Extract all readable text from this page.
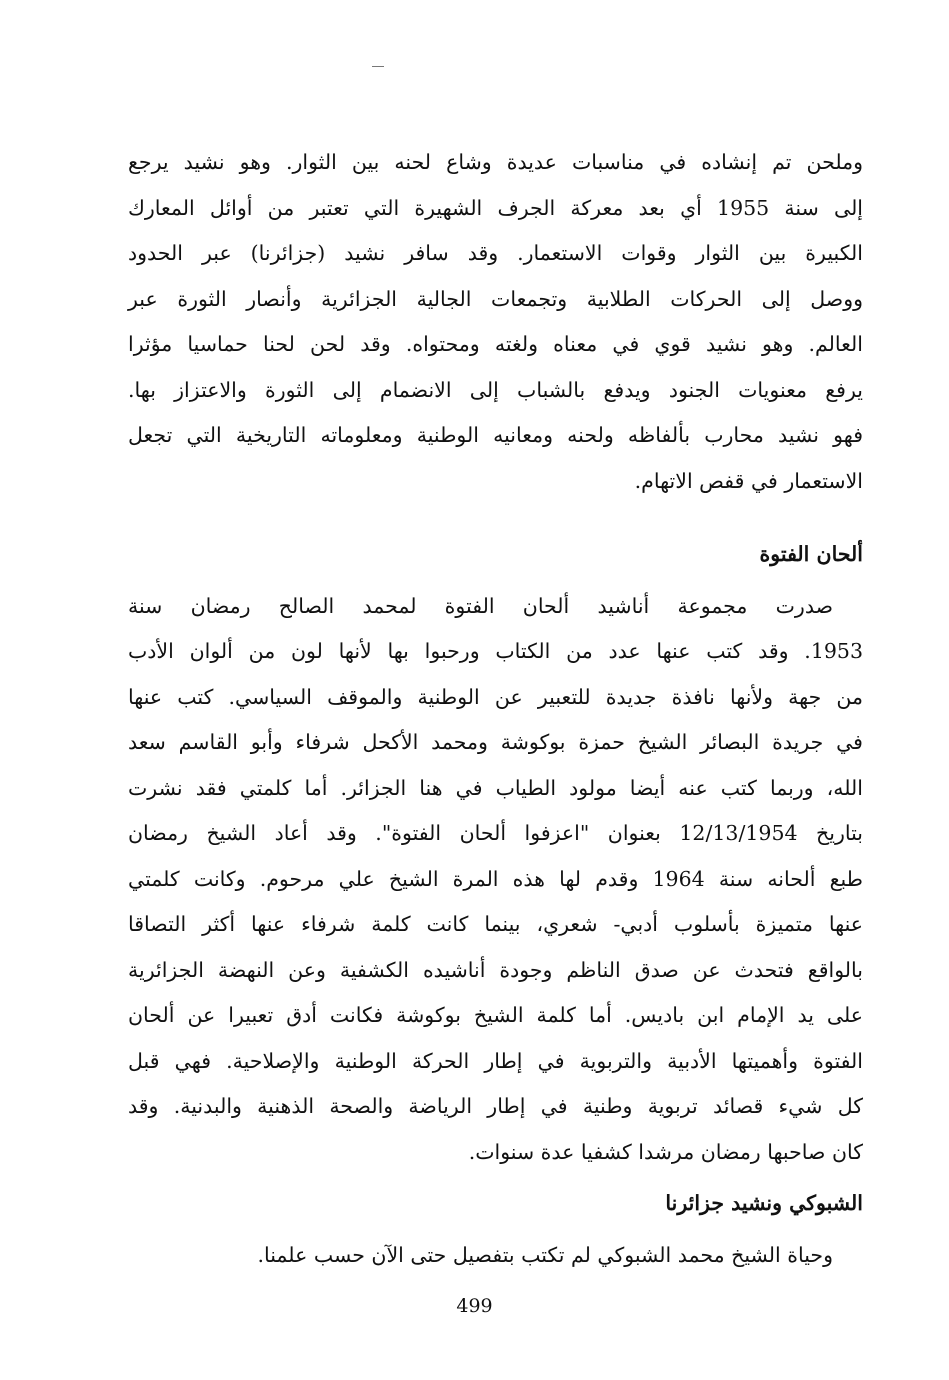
وملحن تم إنشاده في مناسبات عديدة وشاع لحنه بين الثوار. وهو نشيد يرجع
إلى سنة 1955 أي بعد معركة الجرف الشهيرة التي تعتبر من أوائل المعارك
الكبيرة بين الثوار وقوات الاستعمار. وقد سافر نشيد (جزائرنا) عبر الحدود
ووصل إلى الحركات الطلابية وتجمعات الجالية الجزائرية وأنصار الثورة عبر
العالم. وهو نشيد قوي في معناه ولغته ومحتواه. وقد لحن لحنا حماسيا مؤثرا
يرفع معنويات الجنود ويدفع بالشباب إلى الانضمام إلى الثورة والاعتزاز بها.
فهو نشيد محارب بألفاظه ولحنه ومعانيه الوطنية ومعلوماته التاريخية التي تجعل
الاستعمار في قفص الاتهام.
ألحان الفتوة
صدرت مجموعة أناشيد ألحان الفتوة لمحمد الصالح رمضان سنة
1953. وقد كتب عنها عدد من الكتاب ورحبوا بها لأنها لون من ألوان الأدب
من جهة ولأنها نافذة جديدة للتعبير عن الوطنية والموقف السياسي. كتب عنها
في جريدة البصائر الشيخ حمزة بوكوشة ومحمد الأكحل شرفاء وأبو القاسم سعد
الله، وربما كتب عنه أيضا مولود الطياب في هنا الجزائر. أما كلمتي فقد نشرت
بتاريخ 12/13/1954 بعنوان "اعزفوا ألحان الفتوة". وقد أعاد الشيخ رمضان
طبع ألحانه سنة 1964 وقدم لها هذه المرة الشيخ علي مرحوم. وكانت كلمتي
عنها متميزة بأسلوب أدبي- شعري، بينما كانت كلمة شرفاء عنها أكثر التصاقا
بالواقع فتحدث عن صدق الناظم وجودة أناشيده الكشفية وعن النهضة الجزائرية
على يد الإمام ابن باديس. أما كلمة الشيخ بوكوشة فكانت أدق تعبيرا عن ألحان
الفتوة وأهميتها الأدبية والتربوية في إطار الحركة الوطنية والإصلاحية. فهي قبل
كل شيء قصائد تربوية وطنية في إطار الرياضة والصحة الذهنية والبدنية. وقد
كان صاحبها رمضان مرشدا كشفيا عدة سنوات.
الشبوكي ونشيد جزائرنا
وحياة الشيخ محمد الشبوكي لم تكتب بتفصيل حتى الآن حسب علمنا.
499
